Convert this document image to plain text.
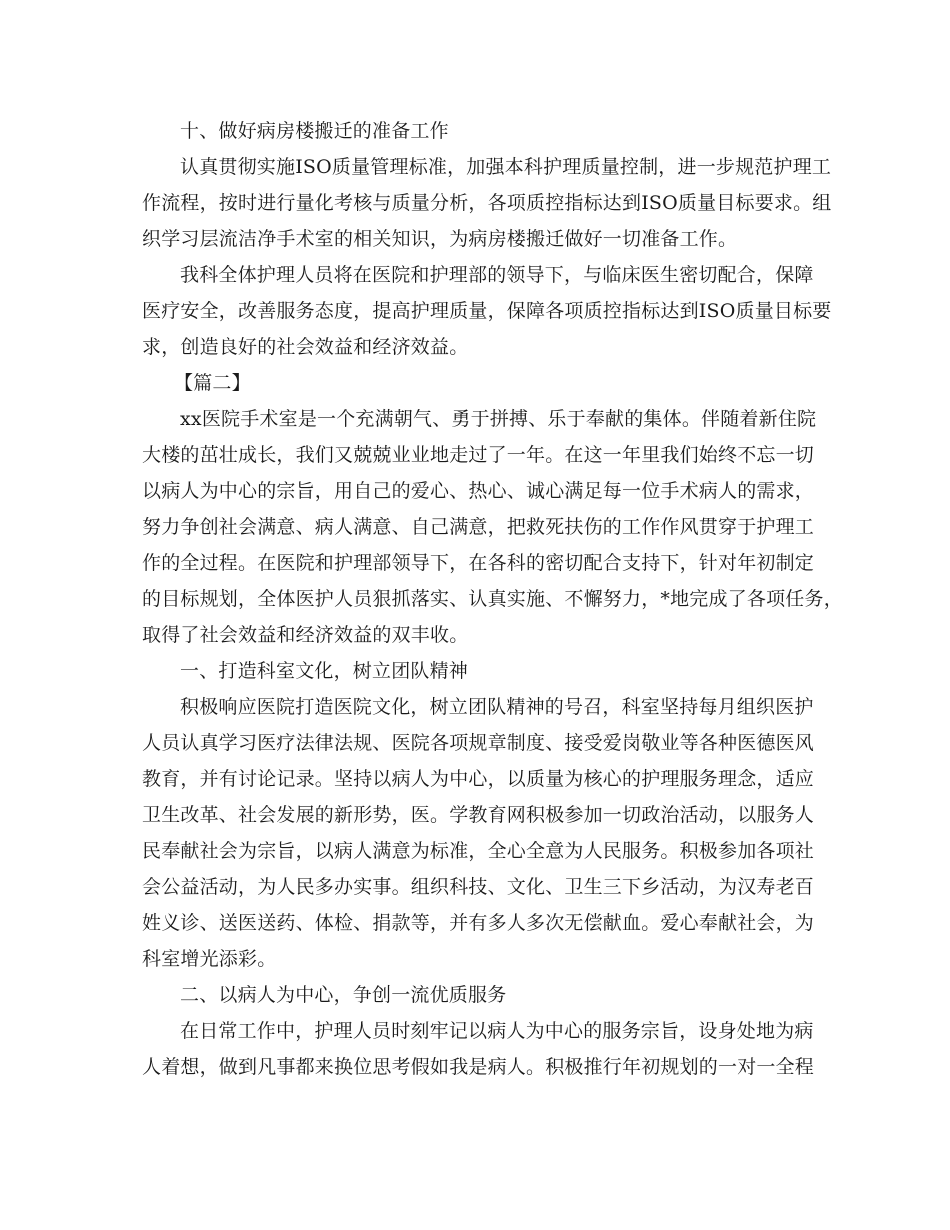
十、做好病房楼搬迁的准备工作
认真贯彻实施ISO质量管理标准，加强本科护理质量控制，进一步规范护理工
作流程，按时进行量化考核与质量分析，各项质控指标达到ISO质量目标要求。组
织学习层流洁净手术室的相关知识，为病房楼搬迁做好一切准备工作。
我科全体护理人员将在医院和护理部的领导下，与临床医生密切配合，保障
医疗安全，改善服务态度，提高护理质量，保障各项质控指标达到ISO质量目标要
求，创造良好的社会效益和经济效益。
【篇二】
xx医院手术室是一个充满朝气、勇于拼搏、乐于奉献的集体。伴随着新住院
大楼的茁壮成长，我们又兢兢业业地走过了一年。在这一年里我们始终不忘一切
以病人为中心的宗旨，用自己的爱心、热心、诚心满足每一位手术病人的需求，
努力争创社会满意、病人满意、自己满意，把救死扶伤的工作作风贯穿于护理工
作的全过程。在医院和护理部领导下，在各科的密切配合支持下，针对年初制定
的目标规划，全体医护人员狠抓落实、认真实施、不懈努力，*地完成了各项任务，
取得了社会效益和经济效益的双丰收。
一、打造科室文化，树立团队精神
积极响应医院打造医院文化，树立团队精神的号召，科室坚持每月组织医护
人员认真学习医疗法律法规、医院各项规章制度、接受爱岗敬业等各种医德医风
教育，并有讨论记录。坚持以病人为中心，以质量为核心的护理服务理念，适应
卫生改革、社会发展的新形势，医。学教育网积极参加一切政治活动，以服务人
民奉献社会为宗旨，以病人满意为标准，全心全意为人民服务。积极参加各项社
会公益活动，为人民多办实事。组织科技、文化、卫生三下乡活动，为汉寿老百
姓义诊、送医送药、体检、捐款等，并有多人多次无偿献血。爱心奉献社会，为
科室增光添彩。
二、以病人为中心，争创一流优质服务
在日常工作中，护理人员时刻牢记以病人为中心的服务宗旨，设身处地为病
人着想，做到凡事都来换位思考假如我是病人。积极推行年初规划的一对一全程
